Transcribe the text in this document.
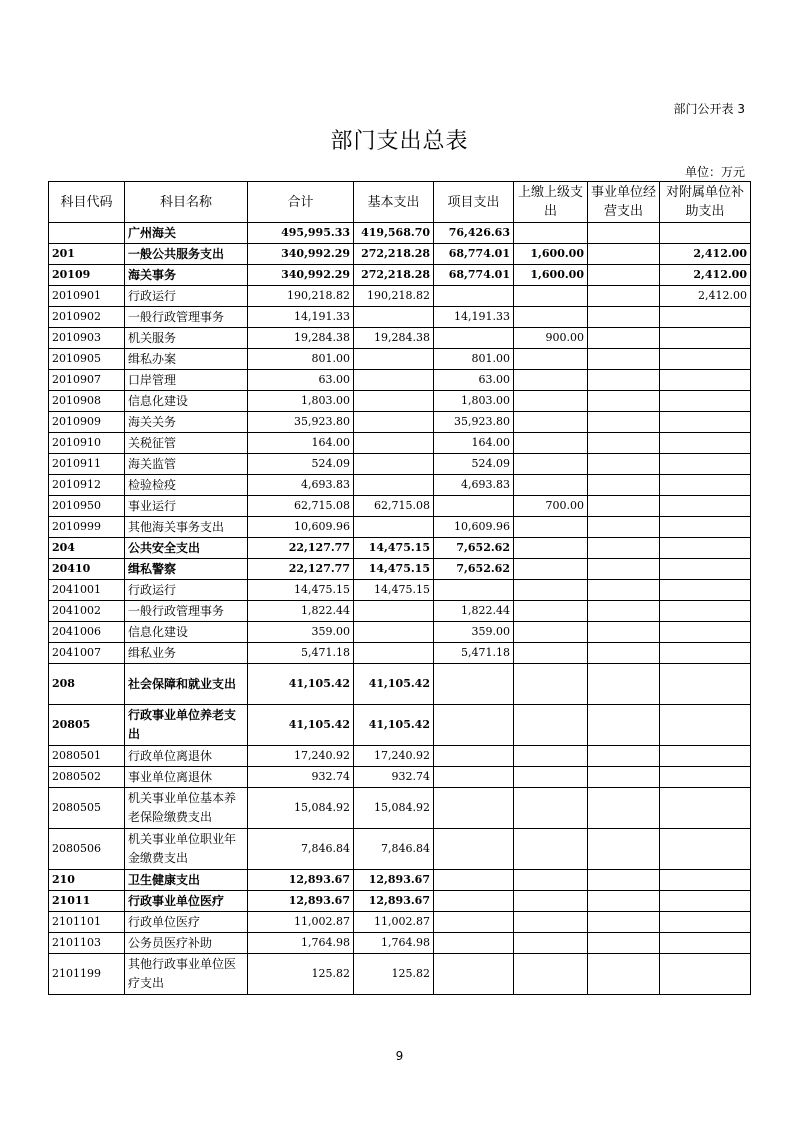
部门公开表 3
部门支出总表
单位：万元
科目代码	科目名称	合计	基本支出	项目支出	上缴上级支出	事业单位经营支出	对附属单位补助支出
	广州海关	495,995.33	419,568.70	76,426.63			
201	一般公共服务支出	340,992.29	272,218.28	68,774.01	1,600.00		2,412.00
20109	海关事务	340,992.29	272,218.28	68,774.01	1,600.00		2,412.00
2010901	行政运行	190,218.82	190,218.82				2,412.00
2010902	一般行政管理事务	14,191.33		14,191.33			
2010903	机关服务	19,284.38	19,284.38		900.00		
2010905	缉私办案	801.00		801.00			
2010907	口岸管理	63.00		63.00			
2010908	信息化建设	1,803.00		1,803.00			
2010909	海关关务	35,923.80		35,923.80			
2010910	关税征管	164.00		164.00			
2010911	海关监管	524.09		524.09			
2010912	检验检疫	4,693.83		4,693.83			
2010950	事业运行	62,715.08	62,715.08		700.00		
2010999	其他海关事务支出	10,609.96		10,609.96			
204	公共安全支出	22,127.77	14,475.15	7,652.62			
20410	缉私警察	22,127.77	14,475.15	7,652.62			
2041001	行政运行	14,475.15	14,475.15				
2041002	一般行政管理事务	1,822.44		1,822.44			
2041006	信息化建设	359.00		359.00			
2041007	缉私业务	5,471.18		5,471.18			
208	社会保障和就业支出	41,105.42	41,105.42				
20805	行政事业单位养老支出	41,105.42	41,105.42				
2080501	行政单位离退休	17,240.92	17,240.92				
2080502	事业单位离退休	932.74	932.74				
2080505	机关事业单位基本养老保险缴费支出	15,084.92	15,084.92				
2080506	机关事业单位职业年金缴费支出	7,846.84	7,846.84				
210	卫生健康支出	12,893.67	12,893.67				
21011	行政事业单位医疗	12,893.67	12,893.67				
2101101	行政单位医疗	11,002.87	11,002.87				
2101103	公务员医疗补助	1,764.98	1,764.98				
2101199	其他行政事业单位医疗支出	125.82	125.82				
9
